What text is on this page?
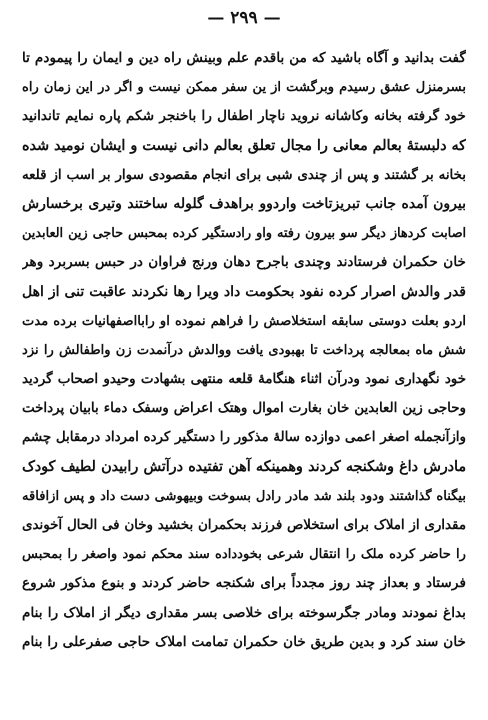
— ۲۹۹ —
گفت بدانید و آگاه باشید که من باقدم علم وبینش راه دین و ایمان را پیمودم تا
بسرمنزل عشق رسیدم وبرگشت از ین سفر ممکن نیست و اگر در این زمان راه
خود گرفته بخانه وکاشانه نروید ناچار اطفال را باخنجر شکم پاره نمایم تاندانید
که دلبستهٔ بعالم معانی را مجال تعلق بعالم دانی نیست و ایشان نومید شده
بخانه بر گشتند و پس از چندی شبی برای انجام مقصودی سوار بر اسب از قلعه
بیرون آمده جانب تبریزتاخت واردوو براهدف گلوله ساختند وتیری برخسارش
اصابت کردهاز دیگر سو بیرون رفته واو رادستگیر کرده بمحبس حاجی زین العابدین
خان حکمران فرستادند وچندی باجرح دهان ورنج فراوان در حبس بسربرد وهر
قدر والدش اصرار کرده نفود بحکومت داد ویرا رها نکردند عاقبت تنی از اهل
اردو بعلت دوستی سابقه استخلاصش را فراهم نموده او رابااصفهانیات برده مدت
شش ماه بمعالجه پرداخت تا بهبودی یافت ووالدش درآنمدت زن واطفالش را نزد
خود نگهداری نمود ودرآن اثناء هنگامهٔ قلعه منتهی بشهادت وحیدو اصحاب گردید
وحاجی زین العابدین خان بغارت اموال وهتک اعراض وسفک دماء بابیان پرداخت
وازآنجمله اصغر اعمی دوازده سالهٔ مذکور را دستگیر کرده امرداد درمقابل چشم
مادرش داغ وشکنجه کردند وهمینکه آهن تفتیده درآتش رابیدن لطیف کودک
بیگناه گذاشتند ودود بلند شد مادر رادل بسوخت وبیهوشی دست داد و پس ازافاقه
مقداری از املاک برای استخلاص فرزند بحکمران بخشید وخان فی الحال آخوندی
را حاضر کرده ملک را انتقال شرعی بخودداده سند محکم نمود واصغر را بمحبس
فرستاد و بعداز چند روز مجدداً برای شکنجه حاضر کردند و بنوع مذکور شروع
بداغ نمودند ومادر جگرسوخته برای خلاصی بسر مقداری دیگر از املاک را بنام
خان سند کرد و بدین طریق خان حکمران تمامت املاک حاجی صفرعلی را بنام
